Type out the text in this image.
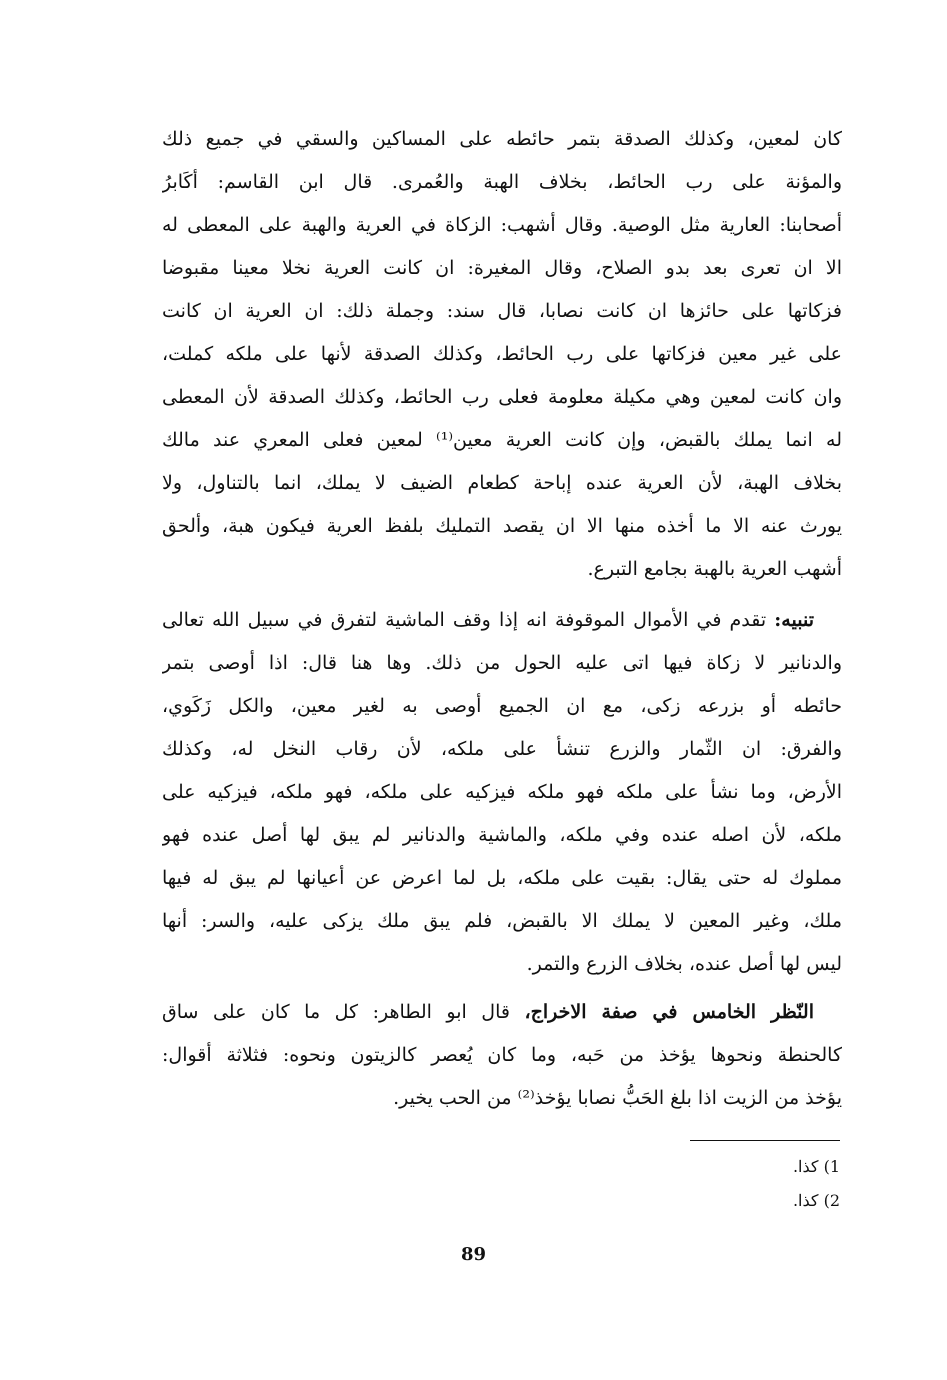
كان لمعين، وكذلك الصدقة بتمر حائطه على المساكين والسقي في جميع ذلك
والمؤنة على رب الحائط، بخلاف الهبة والعُمرى. قال ابن القاسم: أكَابرُ
أصحابنا: العارية مثل الوصية. وقال أشهب: الزكاة في العرية والهبة على المعطى له
الا ان تعرى بعد بدو الصلاح، وقال المغيرة: ان كانت العرية نخلا معينا مقبوضا
فزكاتها على حائزها ان كانت نصابا، قال سند: وجملة ذلك: ان العرية ان كانت
على غير معين فزكاتها على رب الحائط، وكذلك الصدقة لأنها على ملكه كملت،
وان كانت لمعين وهي مكيلة معلومة فعلى رب الحائط، وكذلك الصدقة لأن المعطى
له انما يملك بالقبض، وإن كانت العرية معين⁽¹⁾ لمعين فعلى المعري عند مالك
بخلاف الهبة، لأن العرية عنده إباحة كطعام الضيف لا يملك، انما بالتناول، ولا
يورث عنه الا ما أخذه منها الا ان يقصد التمليك بلفظ العرية فيكون هبة، وألحق
أشهب العرية بالهبة بجامع التبرع.
تنبيه: تقدم في الأموال الموقوفة انه إذا وقف الماشية لتفرق في سبيل الله تعالى
والدنانير لا زكاة فيها اتى عليه الحول من ذلك. وها هنا قال: اذا أوصى بتمر
حائطه أو بزرعه زكى، مع ان الجميع أوصى به لغير معين، والكل زَكَوي،
والفرق: ان الثّمار والزرع تنشأ على ملكه، لأن رقاب النخل له، وكذلك
الأرض، وما نشأ على ملكه فهو ملكه فيزكيه على ملكه، فهو ملكه، فيزكيه على
ملكه، لأن اصله عنده وفي ملكه، والماشية والدنانير لم يبق لها أصل عنده فهو
مملوك له حتى يقال: بقيت على ملكه، بل لما اعرض عن أعيانها لم يبق له فيها
ملك، وغير المعين لا يملك الا بالقبض، فلم يبق ملك يزكى عليه، والسر: أنها
ليس لها أصل عنده، بخلاف الزرع والتمر.
النّظر الخامس في صفة الاخراج، قال ابو الطاهر: كل ما كان على ساق
كالحنطة ونحوها يؤخذ من حَبه، وما كان يُعصر كالزيتون ونحوه: فثلاثة أقوال:
يؤخذ من الزيت اذا بلغ الحَبُّ نصابا يؤخذ⁽²⁾ من الحب يخير.
1) كذا.
2) كذا.
89
